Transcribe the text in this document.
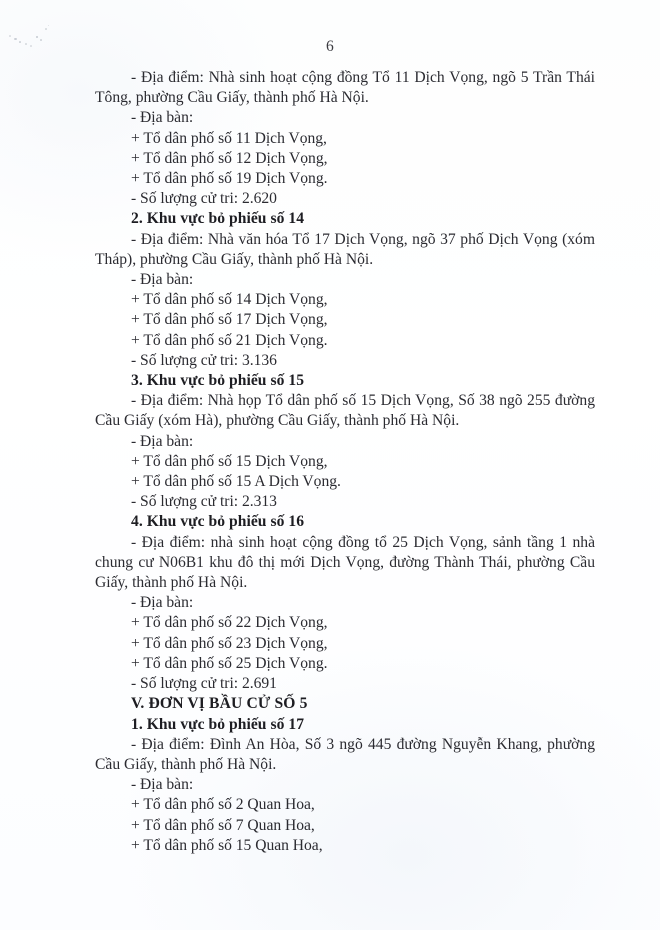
6
- Địa điểm: Nhà sinh hoạt cộng đồng Tổ 11 Dịch Vọng, ngõ 5 Trần Thái Tông, phường Cầu Giấy, thành phố Hà Nội.
- Địa bàn:
+ Tổ dân phố số 11 Dịch Vọng,
+ Tổ dân phố số 12 Dịch Vọng,
+ Tổ dân phố số 19 Dịch Vọng.
- Số lượng cử tri: 2.620
2. Khu vực bỏ phiếu số 14
- Địa điểm: Nhà văn hóa Tổ 17 Dịch Vọng, ngõ 37 phố Dịch Vọng (xóm Tháp), phường Cầu Giấy, thành phố Hà Nội.
- Địa bàn:
+ Tổ dân phố số 14 Dịch Vọng,
+ Tổ dân phố số 17 Dịch Vọng,
+ Tổ dân phố số 21 Dịch Vọng.
- Số lượng cử tri: 3.136
3. Khu vực bỏ phiếu số 15
- Địa điểm: Nhà họp Tổ dân phố số 15 Dịch Vọng, Số 38 ngõ 255 đường Cầu Giấy (xóm Hà), phường Cầu Giấy, thành phố Hà Nội.
- Địa bàn:
+ Tổ dân phố số 15 Dịch Vọng,
+ Tổ dân phố số 15 A Dịch Vọng.
- Số lượng cử tri: 2.313
4. Khu vực bỏ phiếu số 16
- Địa điểm: nhà sinh hoạt cộng đồng tổ 25 Dịch Vọng, sảnh tầng 1 nhà chung cư N06B1 khu đô thị mới Dịch Vọng, đường Thành Thái, phường Cầu Giấy, thành phố Hà Nội.
- Địa bàn:
+ Tổ dân phố số 22 Dịch Vọng,
+ Tổ dân phố số 23 Dịch Vọng,
+ Tổ dân phố số 25 Dịch Vọng.
- Số lượng cử tri: 2.691
V. ĐƠN VỊ BẦU CỬ SỐ 5
1. Khu vực bỏ phiếu số 17
- Địa điểm: Đình An Hòa, Số 3 ngõ 445 đường Nguyễn Khang, phường Cầu Giấy, thành phố Hà Nội.
- Địa bàn:
+ Tổ dân phố số 2 Quan Hoa,
+ Tổ dân phố số 7 Quan Hoa,
+ Tổ dân phố số 15 Quan Hoa,
